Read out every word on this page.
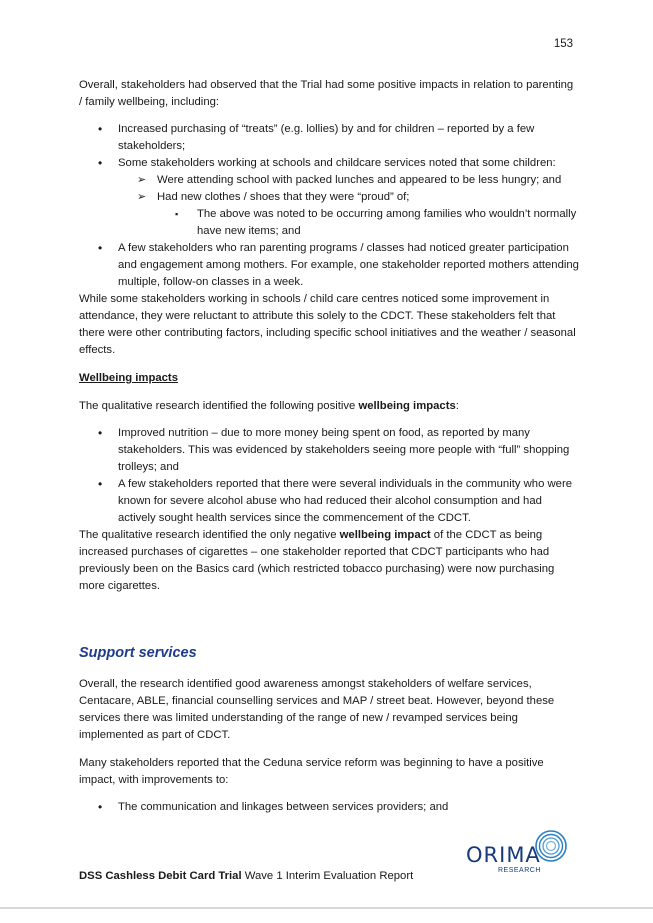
153

Overall, stakeholders had observed that the Trial had some positive impacts in relation to parenting / family wellbeing, including:

• Increased purchasing of “treats” (e.g. lollies) by and for children – reported by a few stakeholders;
• Some stakeholders working at schools and childcare services noted that some children:
➢ Were attending school with packed lunches and appeared to be less hungry; and
➢ Had new clothes / shoes that they were “proud” of;
▪ The above was noted to be occurring among families who wouldn’t normally have new items; and
• A few stakeholders who ran parenting programs / classes had noticed greater participation and engagement among mothers. For example, one stakeholder reported mothers attending multiple, follow-on classes in a week.

While some stakeholders working in schools / child care centres noticed some improvement in attendance, they were reluctant to attribute this solely to the CDCT. These stakeholders felt that there were other contributing factors, including specific school initiatives and the weather / seasonal effects.

Wellbeing impacts

The qualitative research identified the following positive wellbeing impacts:

• Improved nutrition – due to more money being spent on food, as reported by many stakeholders. This was evidenced by stakeholders seeing more people with “full” shopping trolleys; and
• A few stakeholders reported that there were several individuals in the community who were known for severe alcohol abuse who had reduced their alcohol consumption and had actively sought health services since the commencement of the CDCT.

The qualitative research identified the only negative wellbeing impact of the CDCT as being increased purchases of cigarettes – one stakeholder reported that CDCT participants who had previously been on the Basics card (which restricted tobacco purchasing) were now purchasing more cigarettes.

Support services

Overall, the research identified good awareness amongst stakeholders of welfare services, Centacare, ABLE, financial counselling services and MAP / street beat. However, beyond these services there was limited understanding of the range of new / revamped services being implemented as part of CDCT.

Many stakeholders reported that the Ceduna service reform was beginning to have a positive impact, with improvements to:

• The communication and linkages between services providers; and
DSS Cashless Debit Card Trial Wave 1 Interim Evaluation Report
ORIMA
RESEARCH
